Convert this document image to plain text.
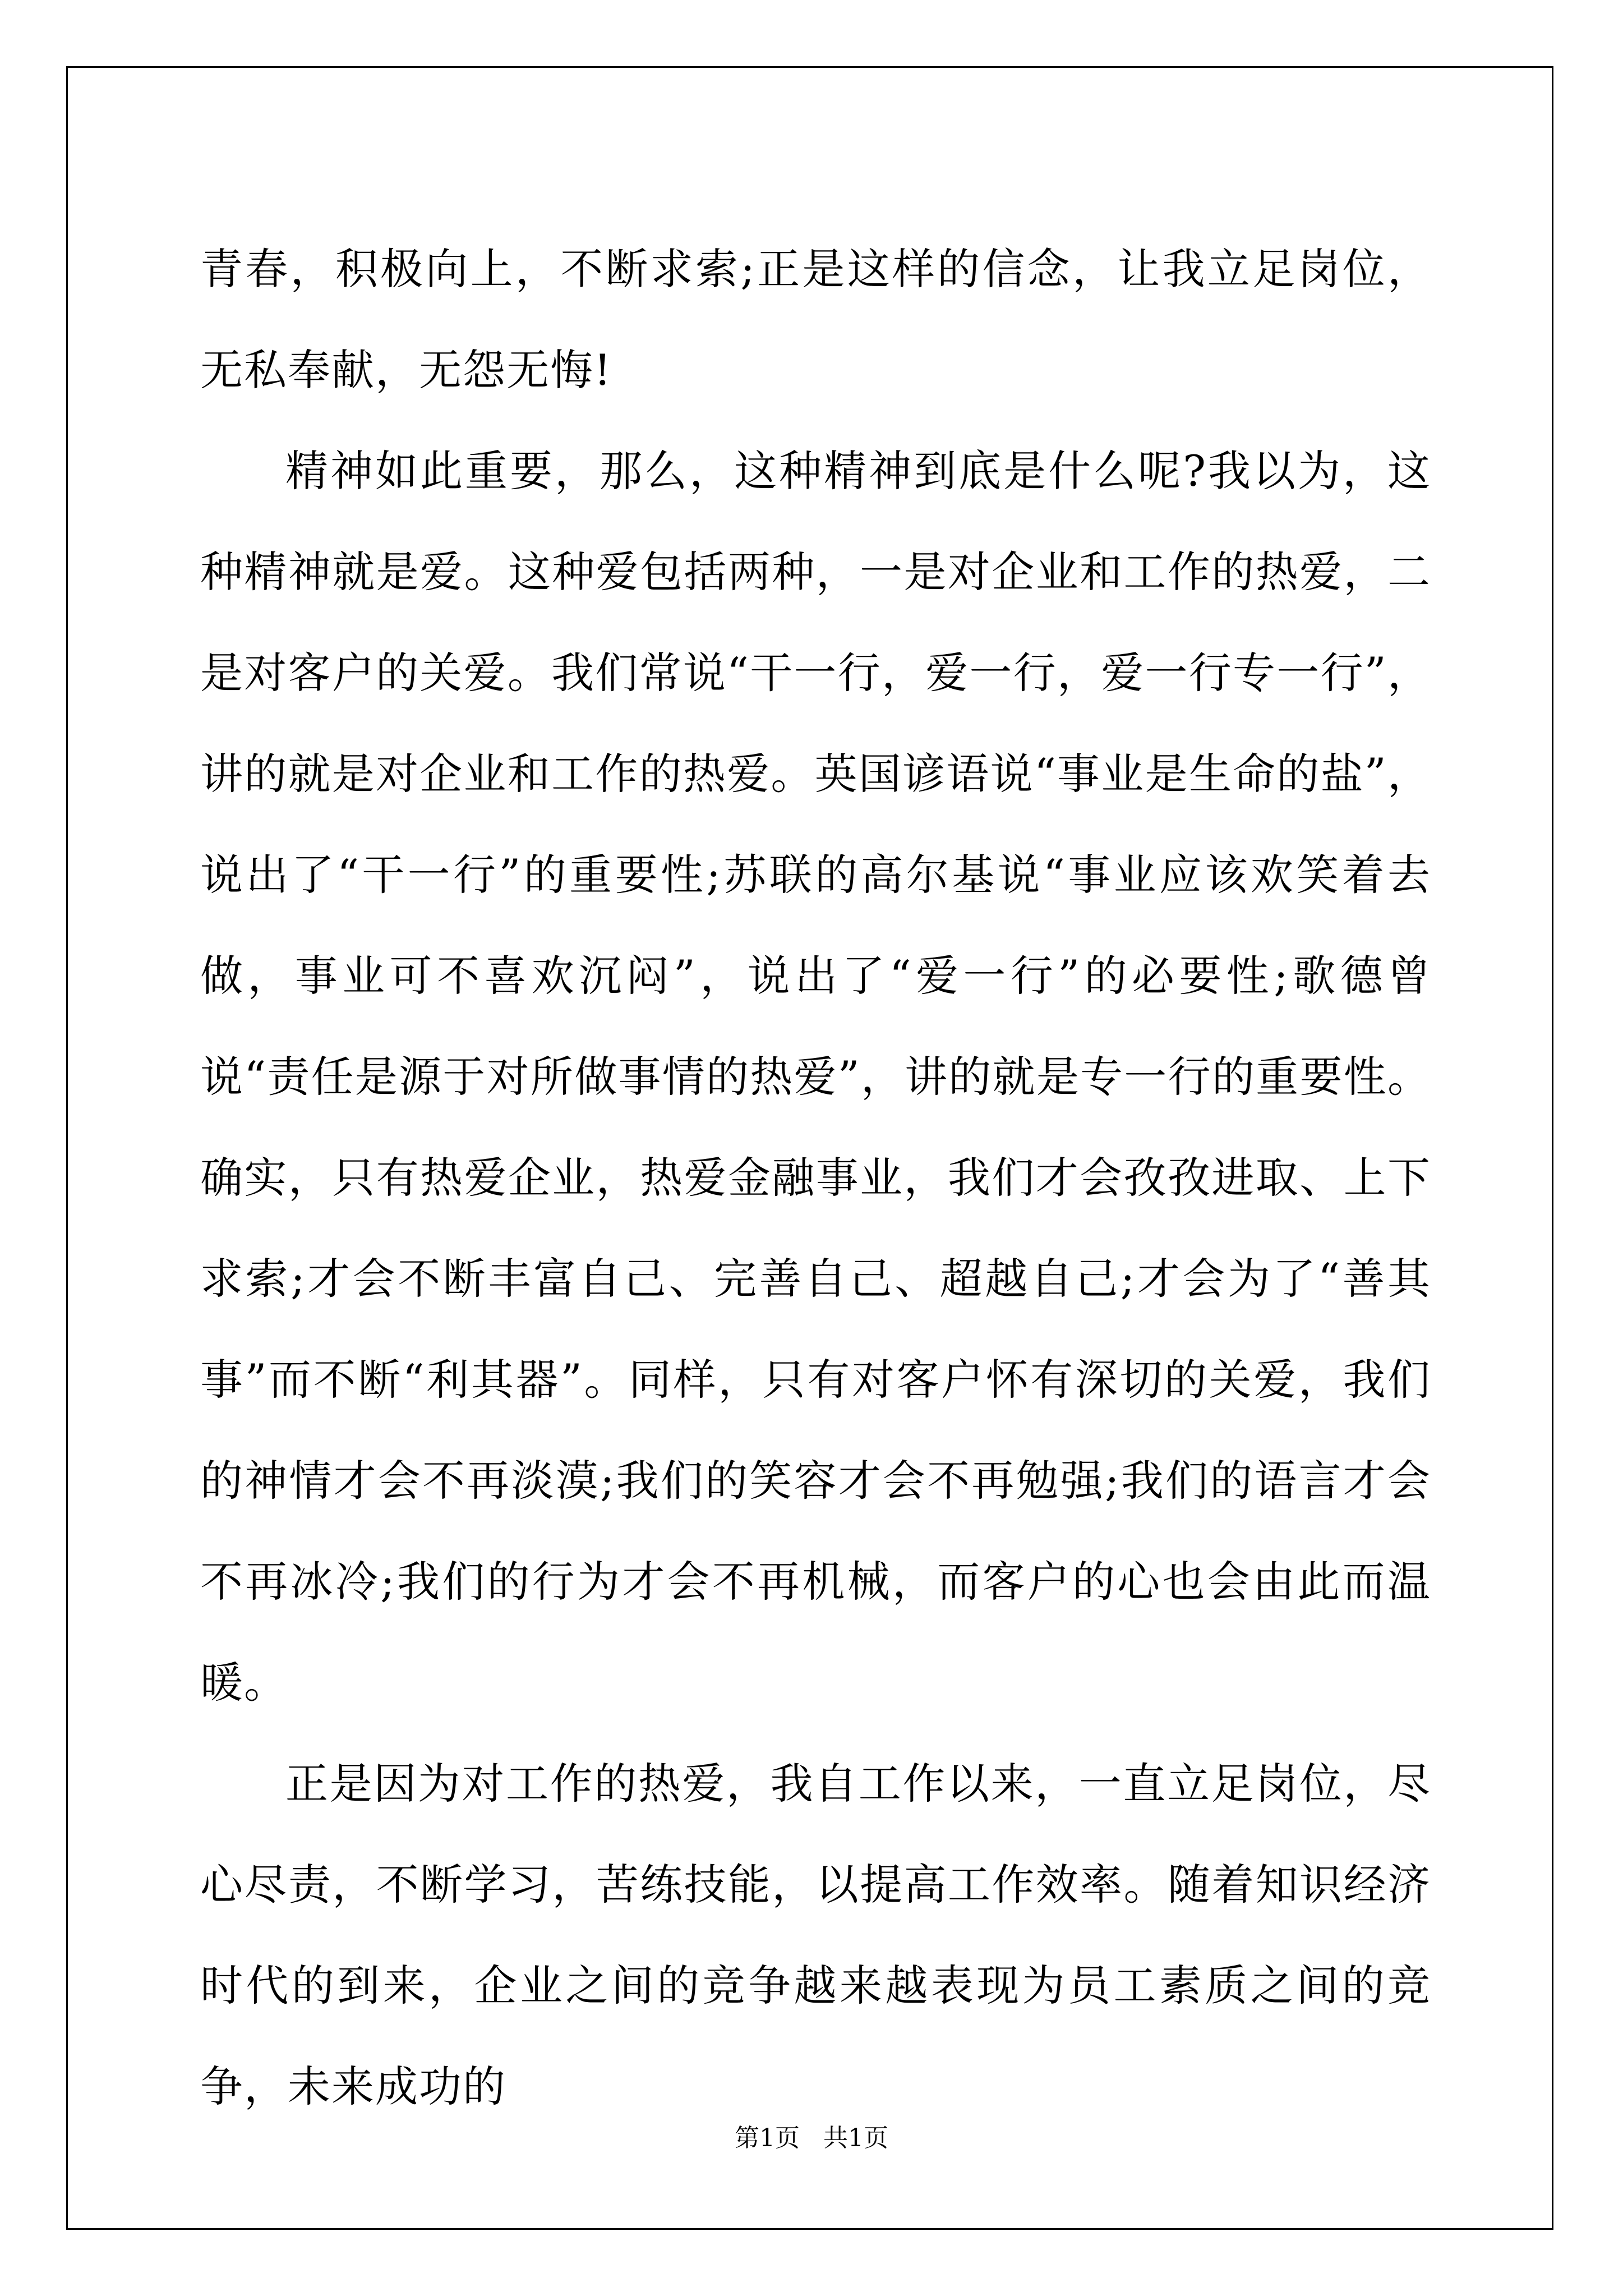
青春，积极向上，不断求索;正是这样的信念，让我立足岗位，无私奉献，无怨无悔!

精神如此重要，那么，这种精神到底是什么呢?我以为，这种精神就是爱。这种爱包括两种，一是对企业和工作的热爱，二是对客户的关爱。我们常说“干一行，爱一行，爱一行专一行”，讲的就是对企业和工作的热爱。英国谚语说“事业是生命的盐”，说出了“干一行”的重要性;苏联的高尔基说“事业应该欢笑着去做，事业可不喜欢沉闷”，说出了“爱一行”的必要性;歌德曾说“责任是源于对所做事情的热爱”，讲的就是专一行的重要性。确实，只有热爱企业，热爱金融事业，我们才会孜孜进取、上下求索;才会不断丰富自己、完善自己、超越自己;才会为了“善其事”而不断“利其器”。同样，只有对客户怀有深切的关爱，我们的神情才会不再淡漠;我们的笑容才会不再勉强;我们的语言才会不再冰冷;我们的行为才会不再机械，而客户的心也会由此而温暖。

正是因为对工作的热爱，我自工作以来，一直立足岗位，尽心尽责，不断学习，苦练技能，以提高工作效率。随着知识经济时代的到来，企业之间的竞争越来越表现为员工素质之间的竞争，未来成功的

第1页 共1页
